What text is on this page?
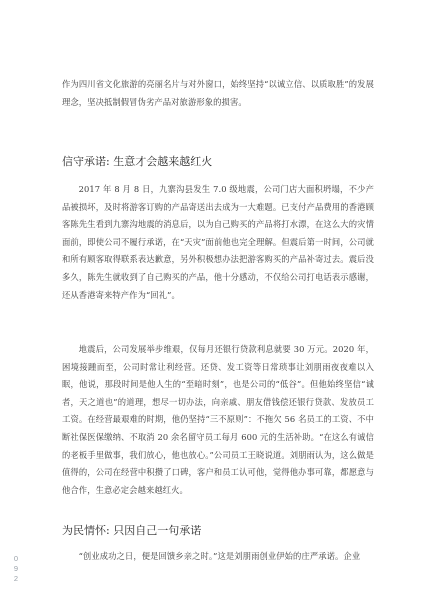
作为四川省文化旅游的亮丽名片与对外窗口，始终坚持“以诚立信、以质取胜”的发展理念，坚决抵制假冒伪劣产品对旅游形象的损害。

信守承诺: 生意才会越来越红火

2017 年 8 月 8 日，九寨沟县发生 7.0 级地震，公司门店大面积坍塌，不少产品被损坏，及时将游客订购的产品寄送出去成为一大难题。已支付产品费用的香港顾客陈先生看到九寨沟地震的消息后，以为自己购买的产品将打水漂，在这么大的灾情面前，即使公司不履行承诺，在“天灾”面前他也完全理解。但震后第一时间，公司就和所有顾客取得联系表达歉意，另外积极想办法把游客购买的产品补寄过去。震后没多久，陈先生就收到了自己购买的产品，他十分感动，不仅给公司打电话表示感谢，还从香港寄来特产作为“回礼”。

地震后，公司发展举步维艰，仅每月还银行贷款利息就要 30 万元。2020 年，困境接踵而至，公司时常让利经营。还贷、发工资等日常琐事让刘朋雨夜夜难以入眠，他说，那段时间是他人生的“至暗时刻”，也是公司的“低谷”。但他始终坚信“诚者，天之道也”的道理，想尽一切办法，向亲戚、朋友借钱偿还银行贷款、发放员工工资。在经营最艰难的时期，他仍坚持“三不原则”：不拖欠 56 名员工的工资、不中断社保医保缴纳、不取消 20 余名留守员工每月 600 元的生活补助。“在这么有诚信的老板手里做事，我们放心，他也放心。”公司员工王晓说道。刘朋雨认为，这么做是值得的，公司在经营中积攒了口碑，客户和员工认可他，觉得他办事可靠，都愿意与他合作，生意必定会越来越红火。

为民情怀: 只因自己一句承诺

“创业成功之日，便是回馈乡亲之时。”这是刘朋雨创业伊始的庄严承诺。企业

0
9
2
